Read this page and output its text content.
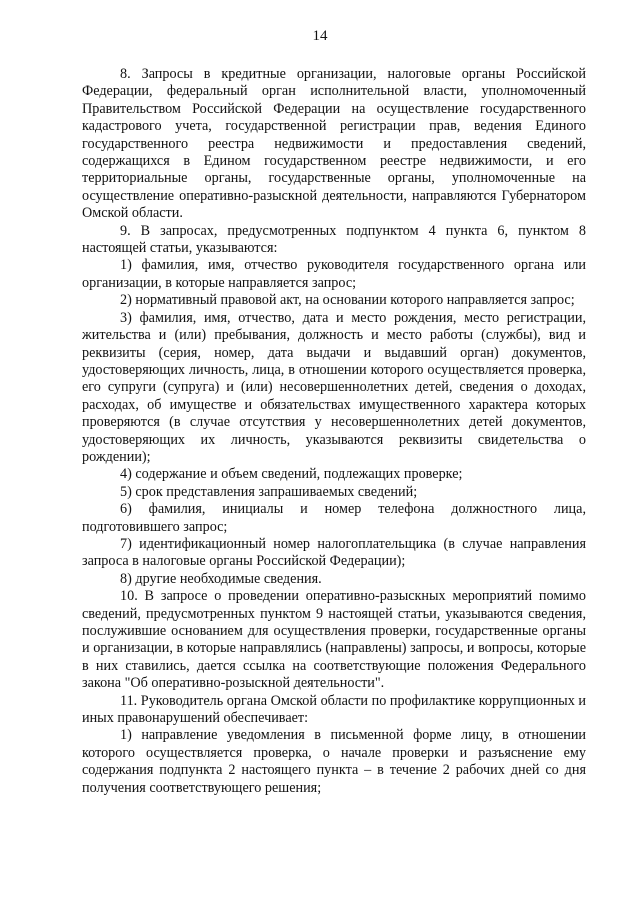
14

8. Запросы в кредитные организации, налоговые органы Российской Федерации, федеральный орган исполнительной власти, уполномоченный Правительством Российской Федерации на осуществление государственного кадастрового учета, государственной регистрации прав, ведения Единого государственного реестра недвижимости и предоставления сведений, содержащихся в Едином государственном реестре недвижимости, и его территориальные органы, государственные органы, уполномоченные на осуществление оперативно-разыскной деятельности, направляются Губернатором Омской области.

9. В запросах, предусмотренных подпунктом 4 пункта 6, пунктом 8 настоящей статьи, указываются:

1) фамилия, имя, отчество руководителя государственного органа или организации, в которые направляется запрос;

2) нормативный правовой акт, на основании которого направляется запрос;

3) фамилия, имя, отчество, дата и место рождения, место регистрации, жительства и (или) пребывания, должность и место работы (службы), вид и реквизиты (серия, номер, дата выдачи и выдавший орган) документов, удостоверяющих личность, лица, в отношении которого осуществляется проверка, его супруги (супруга) и (или) несовершеннолетних детей, сведения о доходах, расходах, об имуществе и обязательствах имущественного характера которых проверяются (в случае отсутствия у несовершеннолетних детей документов, удостоверяющих их личность, указываются реквизиты свидетельства о рождении);

4) содержание и объем сведений, подлежащих проверке;

5) срок представления запрашиваемых сведений;

6) фамилия, инициалы и номер телефона должностного лица, подготовившего запрос;

7) идентификационный номер налогоплательщика (в случае направления запроса в налоговые органы Российской Федерации);

8) другие необходимые сведения.

10. В запросе о проведении оперативно-разыскных мероприятий помимо сведений, предусмотренных пунктом 9 настоящей статьи, указываются сведения, послужившие основанием для осуществления проверки, государственные органы и организации, в которые направлялись (направлены) запросы, и вопросы, которые в них ставились, дается ссылка на соответствующие положения Федерального закона "Об оперативно-розыскной деятельности".

11. Руководитель органа Омской области по профилактике коррупционных и иных правонарушений обеспечивает:

1) направление уведомления в письменной форме лицу, в отношении которого осуществляется проверка, о начале проверки и разъяснение ему содержания подпункта 2 настоящего пункта – в течение 2 рабочих дней со дня получения соответствующего решения;
